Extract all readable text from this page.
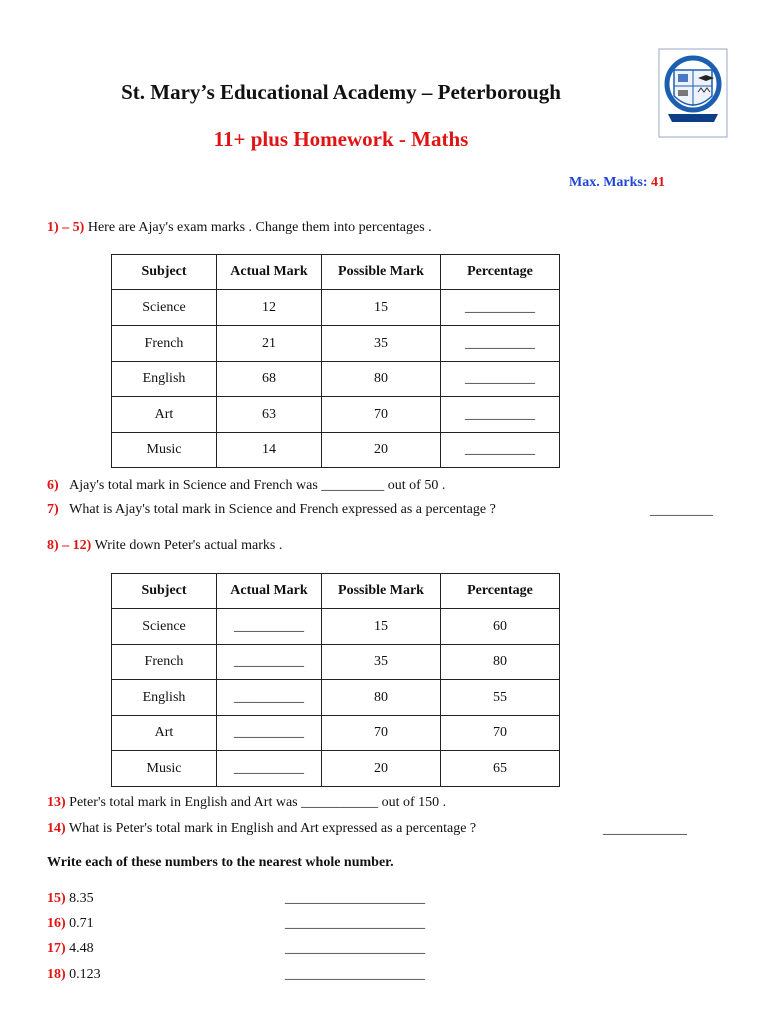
St. Mary’s Educational Academy – Peterborough
11+ plus Homework - Maths
Max. Marks: 41
1) – 5) Here are Ajay's exam marks . Change them into percentages .
Subject	Actual Mark	Possible Mark	Percentage
Science	12	15	__________
French	21	35	__________
English	68	80	__________
Art	63	70	__________
Music	14	20	__________
6) Ajay's total mark in Science and French was _________ out of 50 .
7) What is Ajay's total mark in Science and French expressed as a percentage ?	_________
8) – 12) Write down Peter's actual marks .
Subject	Actual Mark	Possible Mark	Percentage
Science	__________	15	60
French	__________	35	80
English	__________	80	55
Art	__________	70	70
Music	__________	20	65
13) Peter's total mark in English and Art was ___________ out of 150 .
14) What is Peter's total mark in English and Art expressed as a percentage ?	____________
Write each of these numbers to the nearest whole number.
15) 8.35	____________________
16) 0.71	____________________
17) 4.48	____________________
18) 0.123	____________________
